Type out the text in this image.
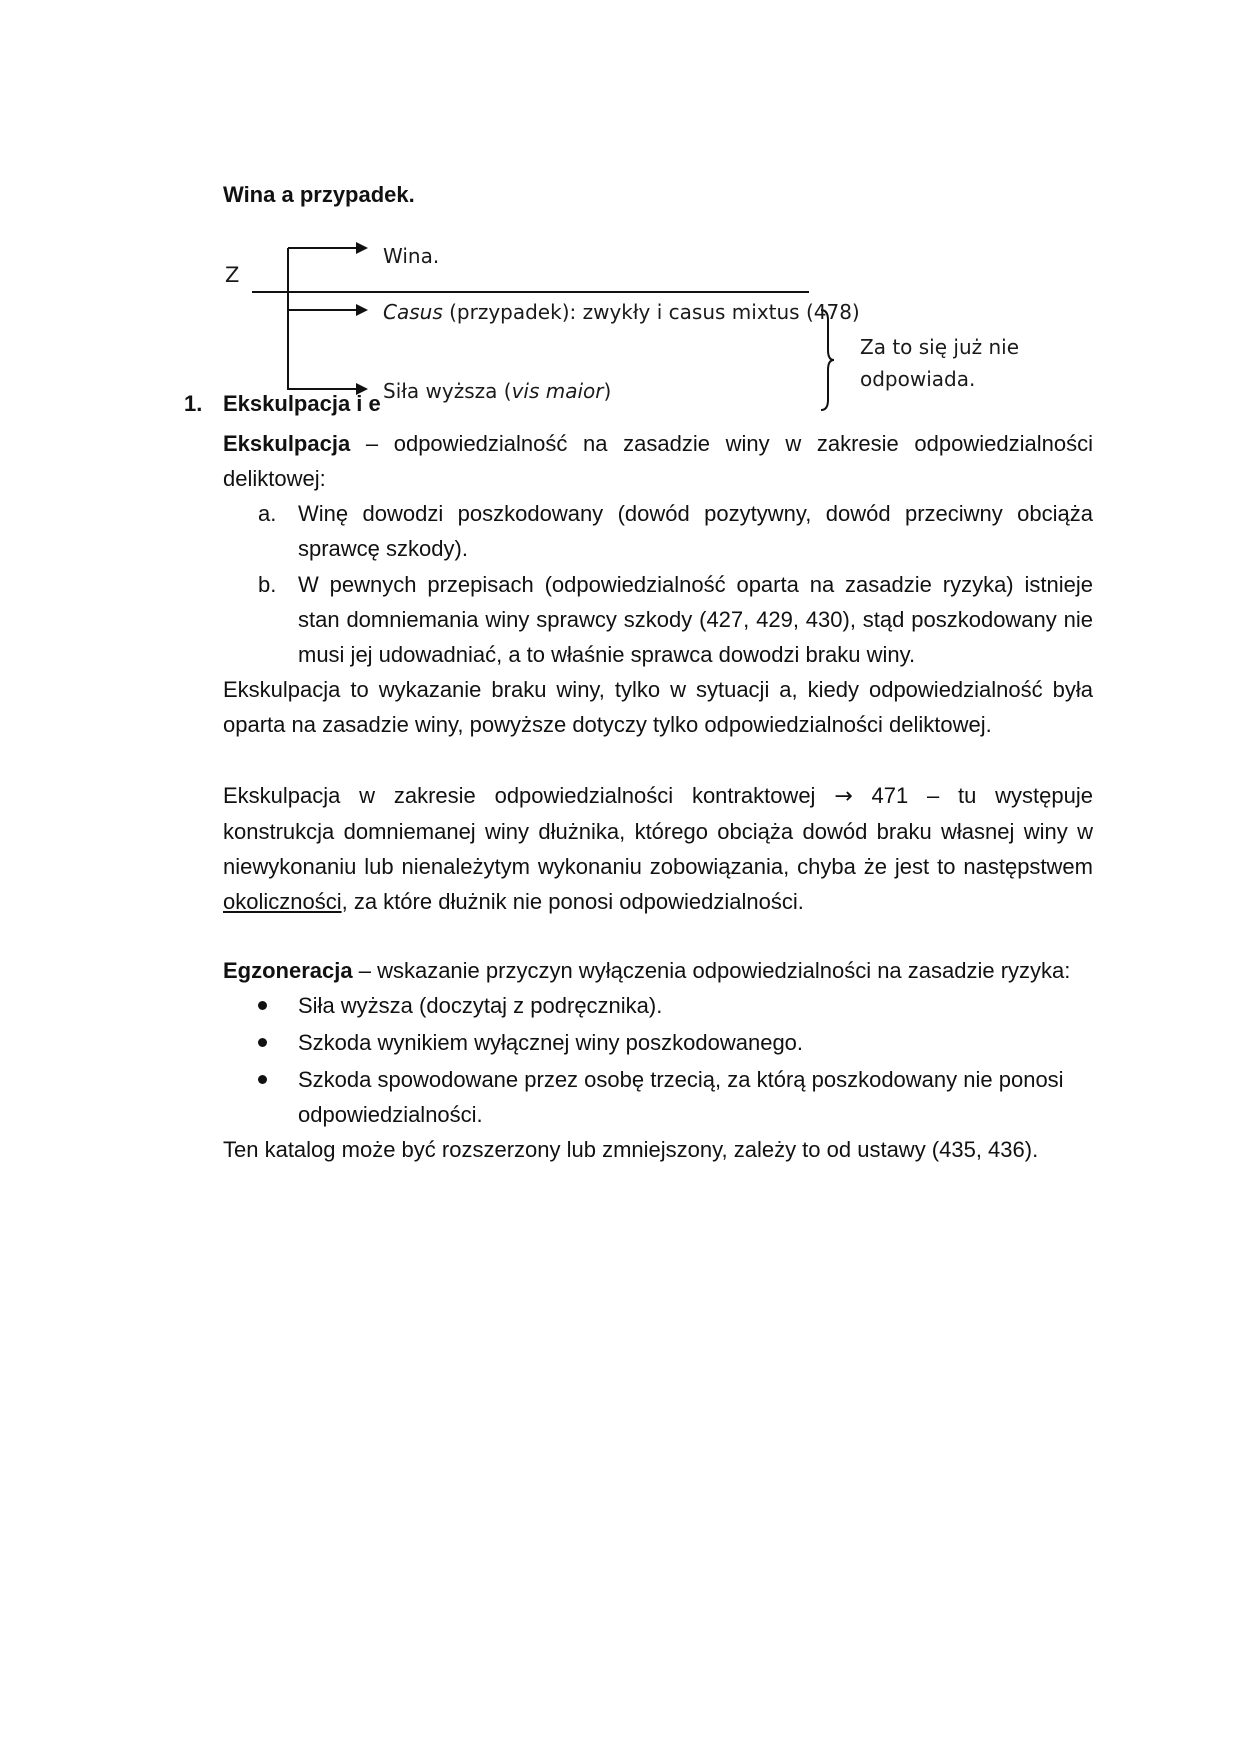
Wina a przypadek.
Z
Wina.
Casus (przypadek): zwykły i casus mixtus (478)
Siła wyższa (vis maior)
Za to się już nie odpowiada.
1. Ekskulpacja i e
Ekskulpacja – odpowiedzialność na zasadzie winy w zakresie odpowiedzialności deliktowej:
a. Winę dowodzi poszkodowany (dowód pozytywny, dowód przeciwny obciąża sprawcę szkody).
b. W pewnych przepisach (odpowiedzialność oparta na zasadzie ryzyka) istnieje stan domniemania winy sprawcy szkody (427, 429, 430), stąd poszkodowany nie musi jej udowadniać, a to właśnie sprawca dowodzi braku winy.
Ekskulpacja to wykazanie braku winy, tylko w sytuacji a, kiedy odpowiedzialność była oparta na zasadzie winy, powyższe dotyczy tylko odpowiedzialności deliktowej.
Ekskulpacja w zakresie odpowiedzialności kontraktowej → 471 – tu występuje konstrukcja domniemanej winy dłużnika, którego obciąża dowód braku własnej winy w niewykonaniu lub nienależytym wykonaniu zobowiązania, chyba że jest to następstwem okoliczności, za które dłużnik nie ponosi odpowiedzialności.
Egzoneracja – wskazanie przyczyn wyłączenia odpowiedzialności na zasadzie ryzyka:
Siła wyższa (doczytaj z podręcznika).
Szkoda wynikiem wyłącznej winy poszkodowanego.
Szkoda spowodowane przez osobę trzecią, za którą poszkodowany nie ponosi odpowiedzialności.
Ten katalog może być rozszerzony lub zmniejszony, zależy to od ustawy (435, 436).
